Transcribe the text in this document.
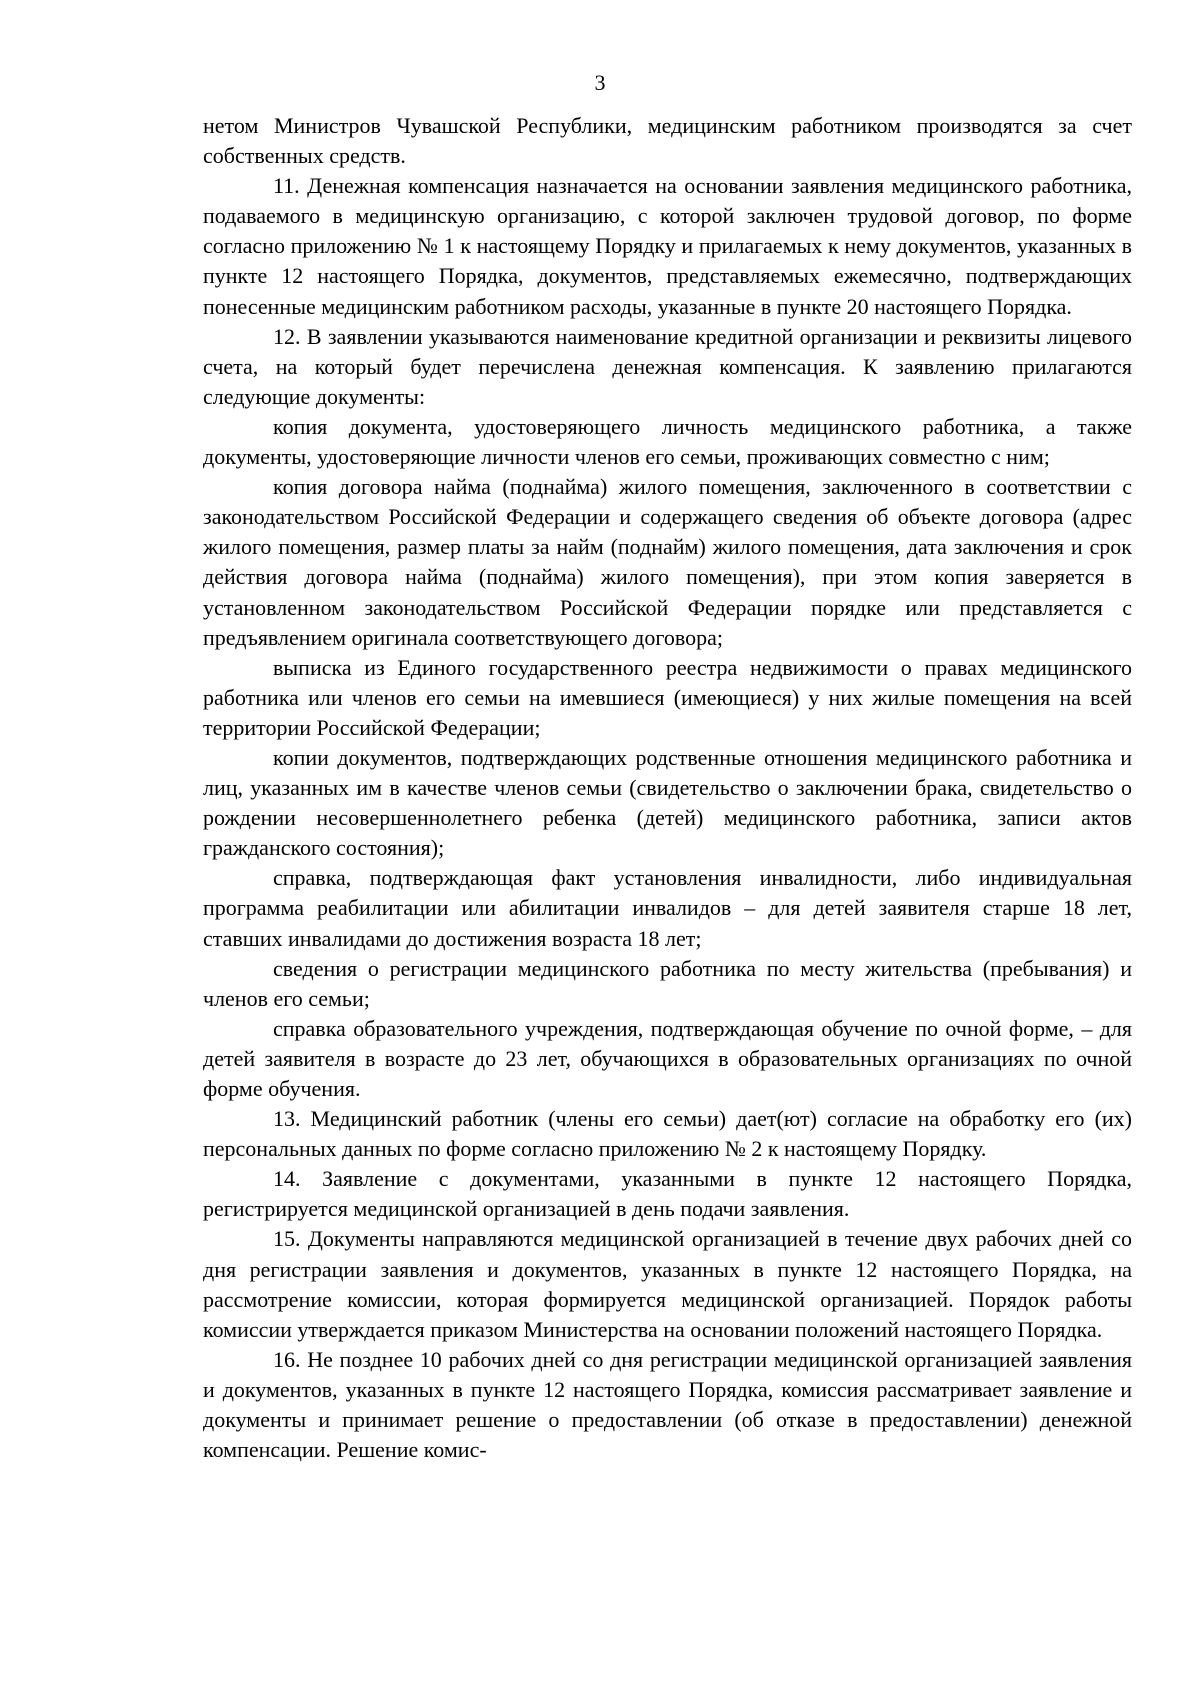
3

нетом Министров Чувашской Республики, медицинским работником производятся за счет собственных средств.

11. Денежная компенсация назначается на основании заявления медицинского работника, подаваемого в медицинскую организацию, с которой заключен трудовой договор, по форме согласно приложению № 1 к настоящему Порядку и прилагаемых к нему документов, указанных в пункте 12 настоящего Порядка, документов, представляемых ежемесячно, подтверждающих понесенные медицинским работником расходы, указанные в пункте 20 настоящего Порядка.

12. В заявлении указываются наименование кредитной организации и реквизиты лицевого счета, на который будет перечислена денежная компенсация. К заявлению прилагаются следующие документы:

копия документа, удостоверяющего личность медицинского работника, а также документы, удостоверяющие личности членов его семьи, проживающих совместно с ним;

копия договора найма (поднайма) жилого помещения, заключенного в соответствии с законодательством Российской Федерации и содержащего сведения об объекте договора (адрес жилого помещения, размер платы за найм (поднайм) жилого помещения, дата заключения и срок действия договора найма (поднайма) жилого помещения), при этом копия заверяется в установленном законодательством Российской Федерации порядке или представляется с предъявлением оригинала соответствующего договора;

выписка из Единого государственного реестра недвижимости о правах медицинского работника или членов его семьи на имевшиеся (имеющиеся) у них жилые помещения на всей территории Российской Федерации;

копии документов, подтверждающих родственные отношения медицинского работника и лиц, указанных им в качестве членов семьи (свидетельство о заключении брака, свидетельство о рождении несовершеннолетнего ребенка (детей) медицинского работника, записи актов гражданского состояния);

справка, подтверждающая факт установления инвалидности, либо индивидуальная программа реабилитации или абилитации инвалидов – для детей заявителя старше 18 лет, ставших инвалидами до достижения возраста 18 лет;

сведения о регистрации медицинского работника по месту жительства (пребывания) и членов его семьи;

справка образовательного учреждения, подтверждающая обучение по очной форме, – для детей заявителя в возрасте до 23 лет, обучающихся в образовательных организациях по очной форме обучения.

13. Медицинский работник (члены его семьи) дает(ют) согласие на обработку его (их) персональных данных по форме согласно приложению № 2 к настоящему Порядку.

14. Заявление с документами, указанными в пункте 12 настоящего Порядка, регистрируется медицинской организацией в день подачи заявления.

15. Документы направляются медицинской организацией в течение двух рабочих дней со дня регистрации заявления и документов, указанных в пункте 12 настоящего Порядка, на рассмотрение комиссии, которая формируется медицинской организацией. Порядок работы комиссии утверждается приказом Министерства на основании положений настоящего Порядка.

16. Не позднее 10 рабочих дней со дня регистрации медицинской организацией заявления и документов, указанных в пункте 12 настоящего Порядка, комиссия рассматривает заявление и документы и принимает решение о предоставлении (об отказе в предоставлении) денежной компенсации. Решение комис-
